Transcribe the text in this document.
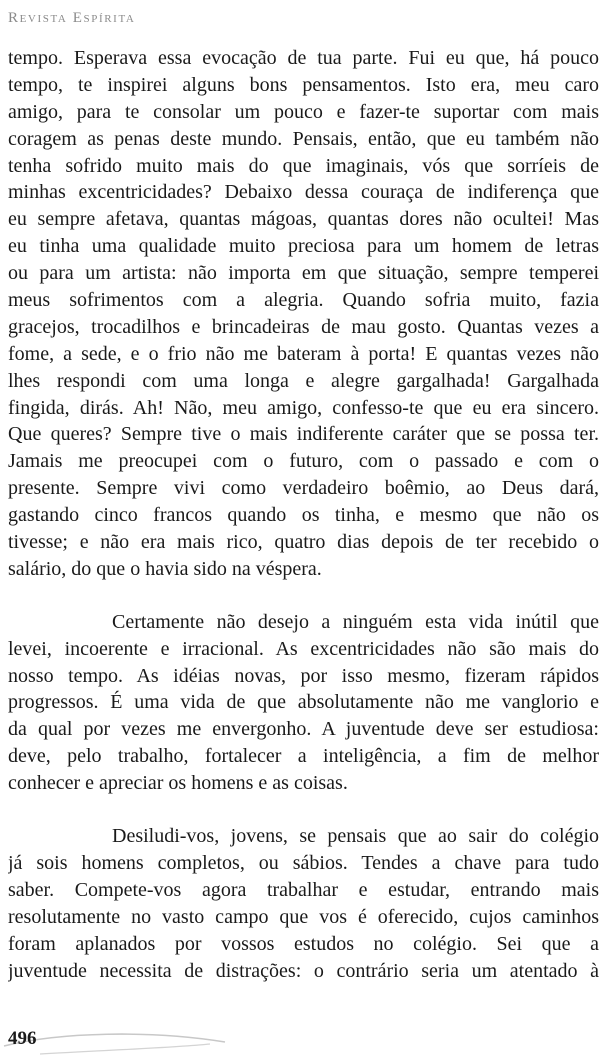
Revista Espírita
tempo. Esperava essa evocação de tua parte. Fui eu que, há pouco
tempo, te inspirei alguns bons pensamentos. Isto era, meu caro
amigo, para te consolar um pouco e fazer-te suportar com mais
coragem as penas deste mundo. Pensais, então, que eu também não
tenha sofrido muito mais do que imaginais, vós que sorríeis de
minhas excentricidades? Debaixo dessa couraça de indiferença que
eu sempre afetava, quantas mágoas, quantas dores não ocultei! Mas
eu tinha uma qualidade muito preciosa para um homem de letras
ou para um artista: não importa em que situação, sempre temperei
meus sofrimentos com a alegria. Quando sofria muito, fazia
gracejos, trocadilhos e brincadeiras de mau gosto. Quantas vezes a
fome, a sede, e o frio não me bateram à porta! E quantas vezes não
lhes respondi com uma longa e alegre gargalhada! Gargalhada
fingida, dirás. Ah! Não, meu amigo, confesso-te que eu era sincero.
Que queres? Sempre tive o mais indiferente caráter que se possa ter.
Jamais me preocupei com o futuro, com o passado e com o
presente. Sempre vivi como verdadeiro boêmio, ao Deus dará,
gastando cinco francos quando os tinha, e mesmo que não os
tivesse; e não era mais rico, quatro dias depois de ter recebido o
salário, do que o havia sido na véspera.
Certamente não desejo a ninguém esta vida inútil que
levei, incoerente e irracional. As excentricidades não são mais do
nosso tempo. As idéias novas, por isso mesmo, fizeram rápidos
progressos. É uma vida de que absolutamente não me vanglorio e
da qual por vezes me envergonho. A juventude deve ser estudiosa:
deve, pelo trabalho, fortalecer a inteligência, a fim de melhor
conhecer e apreciar os homens e as coisas.
Desiludi-vos, jovens, se pensais que ao sair do colégio
já sois homens completos, ou sábios. Tendes a chave para tudo
saber. Compete-vos agora trabalhar e estudar, entrando mais
resolutamente no vasto campo que vos é oferecido, cujos caminhos
foram aplanados por vossos estudos no colégio. Sei que a
juventude necessita de distrações: o contrário seria um atentado à
496
